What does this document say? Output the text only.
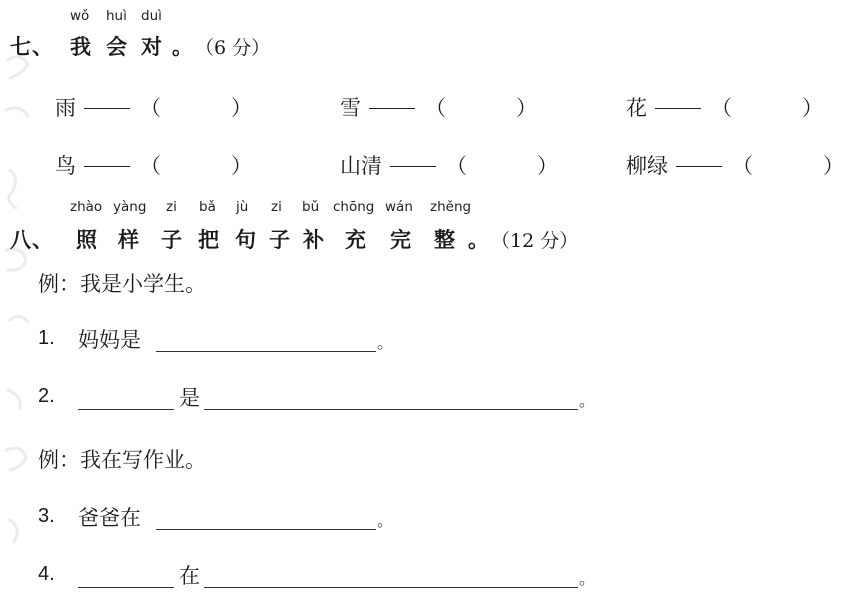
wǒ huì duì
七、 我 会 对 。 （6 分）
雨	（	）	雪	（	）	花	（	）
鸟	（	）	山清	（	）	柳绿	（	）
zhào yàng zi bǎ jù zi bǔ chōng wán zhěng
八、 照 样 子 把 句 子 补 充 完 整 。 （12 分）
例：我是小学生。
1. 妈妈是	。
2.	是	。
例：我在写作业。
3. 爸爸在	。
4.	在	。
